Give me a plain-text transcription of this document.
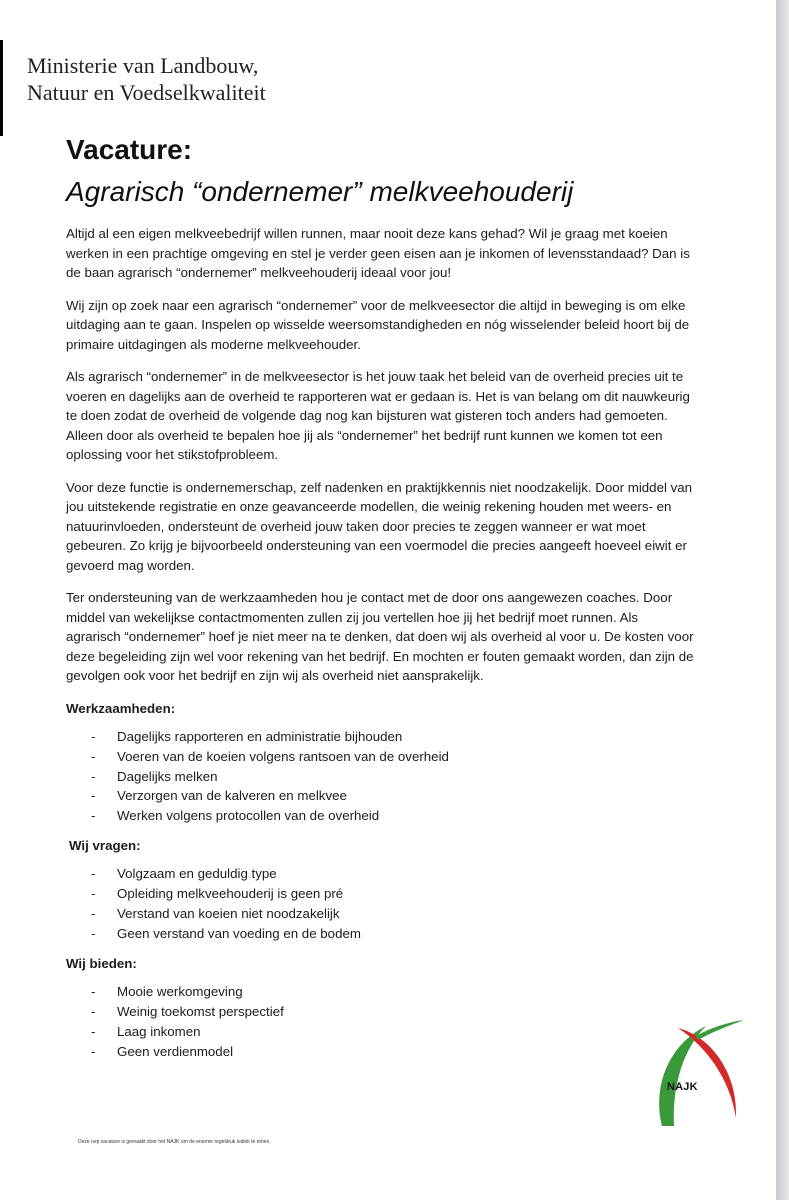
Ministerie van Landbouw,
Natuur en Voedselkwaliteit
Vacature:
Agrarisch “ondernemer” melkveehouderij

Altijd al een eigen melkveebedrijf willen runnen, maar nooit deze kans gehad? Wil je graag met koeien werken in een prachtige omgeving en stel je verder geen eisen aan je inkomen of levensstandaad? Dan is de baan agrarisch “ondernemer” melkveehouderij ideaal voor jou!

Wij zijn op zoek naar een agrarisch “ondernemer” voor de melkveesector die altijd in beweging is om elke uitdaging aan te gaan. Inspelen op wisselde weersomstandigheden en nóg wisselender beleid hoort bij de primaire uitdagingen als moderne melkveehouder.

Als agrarisch “ondernemer” in de melkveesector is het jouw taak het beleid van de overheid precies uit te voeren en dagelijks aan de overheid te rapporteren wat er gedaan is. Het is van belang om dit nauwkeurig te doen zodat de overheid de volgende dag nog kan bijsturen wat gisteren toch anders had gemoeten. Alleen door als overheid te bepalen hoe jij als “ondernemer” het bedrijf runt kunnen we komen tot een oplossing voor het stikstofprobleem.

Voor deze functie is ondernemerschap, zelf nadenken en praktijkkennis niet noodzakelijk. Door middel van jou uitstekende registratie en onze geavanceerde modellen, die weinig rekening houden met weers- en natuurinvloeden, ondersteunt de overheid jouw taken door precies te zeggen wanneer er wat moet gebeuren. Zo krijg je bijvoorbeeld ondersteuning van een voermodel die precies aangeeft hoeveel eiwit er gevoerd mag worden.

Ter ondersteuning van de werkzaamheden hou je contact met de door ons aangewezen coaches. Door middel van wekelijkse contactmomenten zullen zij jou vertellen hoe jij het bedrijf moet runnen. Als agrarisch “ondernemer” hoef je niet meer na te denken, dat doen wij als overheid al voor u. De kosten voor deze begeleiding zijn wel voor rekening van het bedrijf. En mochten er fouten gemaakt worden, dan zijn de gevolgen ook voor het bedrijf en zijn wij als overheid niet aansprakelijk.

Werkzaamheden:
- Dagelijks rapporteren en administratie bijhouden
- Voeren van de koeien volgens rantsoen van de overheid
- Dagelijks melken
- Verzorgen van de kalveren en melkvee
- Werken volgens protocollen van de overheid
Wij vragen:
- Volgzaam en geduldig type
- Opleiding melkveehouderij is geen pré
- Verstand van koeien niet noodzakelijk
- Geen verstand van voeding en de bodem
Wij bieden:
- Mooie werkomgeving
- Weinig toekomst perspectief
- Laag inkomen
- Geen verdienmodel
NAJK
Deze nep vacature is gemaakt door het NAJK om de enorme regeldruk ludiek te tonen.
